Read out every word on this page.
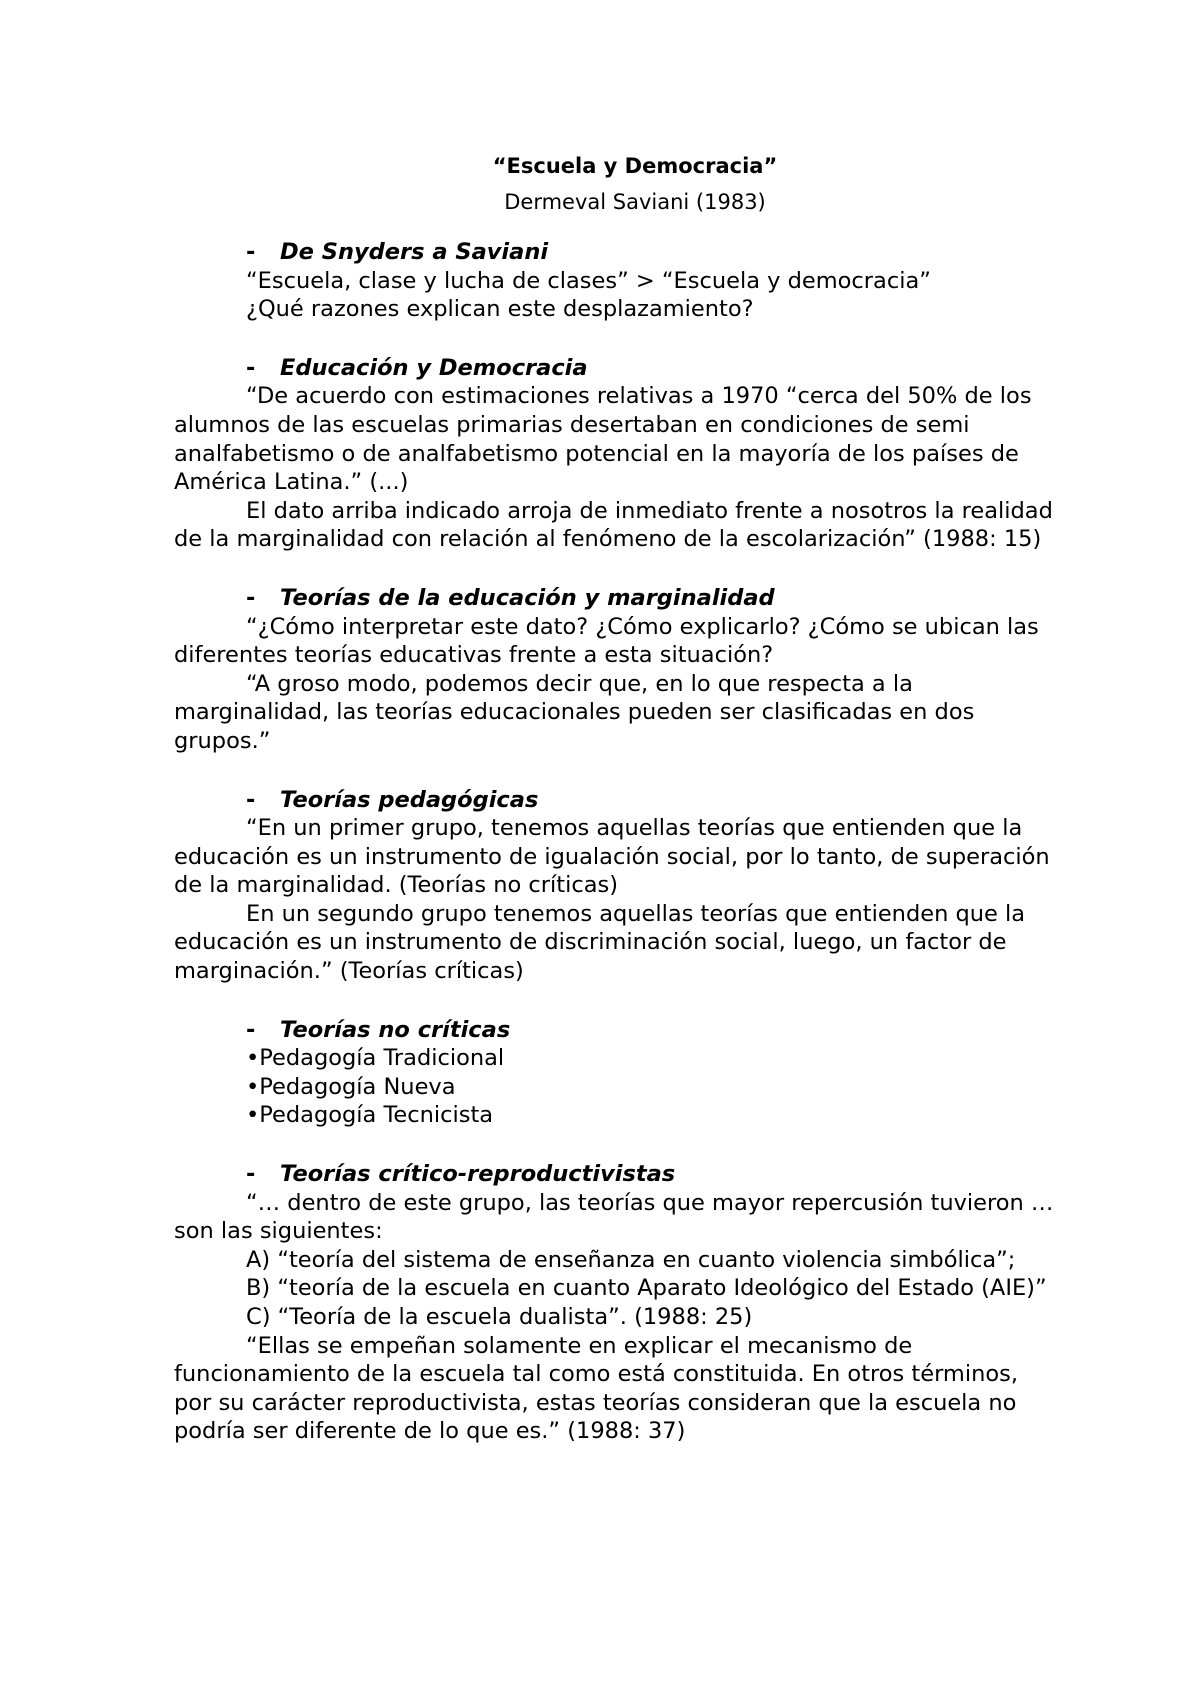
“Escuela y Democracia”
Dermeval Saviani (1983)
- De Snyders a Saviani
“Escuela, clase y lucha de clases” > “Escuela y democracia”
¿Qué razones explican este desplazamiento?
- Educación y Democracia
“De acuerdo con estimaciones relativas a 1970 “cerca del 50% de los alumnos de las escuelas primarias desertaban en condiciones de semi analfabetismo o de analfabetismo potencial en la mayoría de los países de América Latina.” (...)
El dato arriba indicado arroja de inmediato frente a nosotros la realidad de la marginalidad con relación al fenómeno de la escolarización” (1988: 15)
- Teorías de la educación y marginalidad
“¿Cómo interpretar este dato? ¿Cómo explicarlo? ¿Cómo se ubican las diferentes teorías educativas frente a esta situación?
“A groso modo, podemos decir que, en lo que respecta a la marginalidad, las teorías educacionales pueden ser clasificadas en dos grupos.”
- Teorías pedagógicas
“En un primer grupo, tenemos aquellas teorías que entienden que la educación es un instrumento de igualación social, por lo tanto, de superación de la marginalidad. (Teorías no críticas)
En un segundo grupo tenemos aquellas teorías que entienden que la educación es un instrumento de discriminación social, luego, un factor de marginación.” (Teorías críticas)
- Teorías no críticas
•Pedagogía Tradicional
•Pedagogía Nueva
•Pedagogía Tecnicista
- Teorías crítico-reproductivistas
“… dentro de este grupo, las teorías que mayor repercusión tuvieron … son las siguientes:
A) “teoría del sistema de enseñanza en cuanto violencia simbólica”;
B) “teoría de la escuela en cuanto Aparato Ideológico del Estado (AIE)”
C) “Teoría de la escuela dualista”. (1988: 25)
“Ellas se empeñan solamente en explicar el mecanismo de funcionamiento de la escuela tal como está constituida. En otros términos, por su carácter reproductivista, estas teorías consideran que la escuela no podría ser diferente de lo que es.” (1988: 37)
